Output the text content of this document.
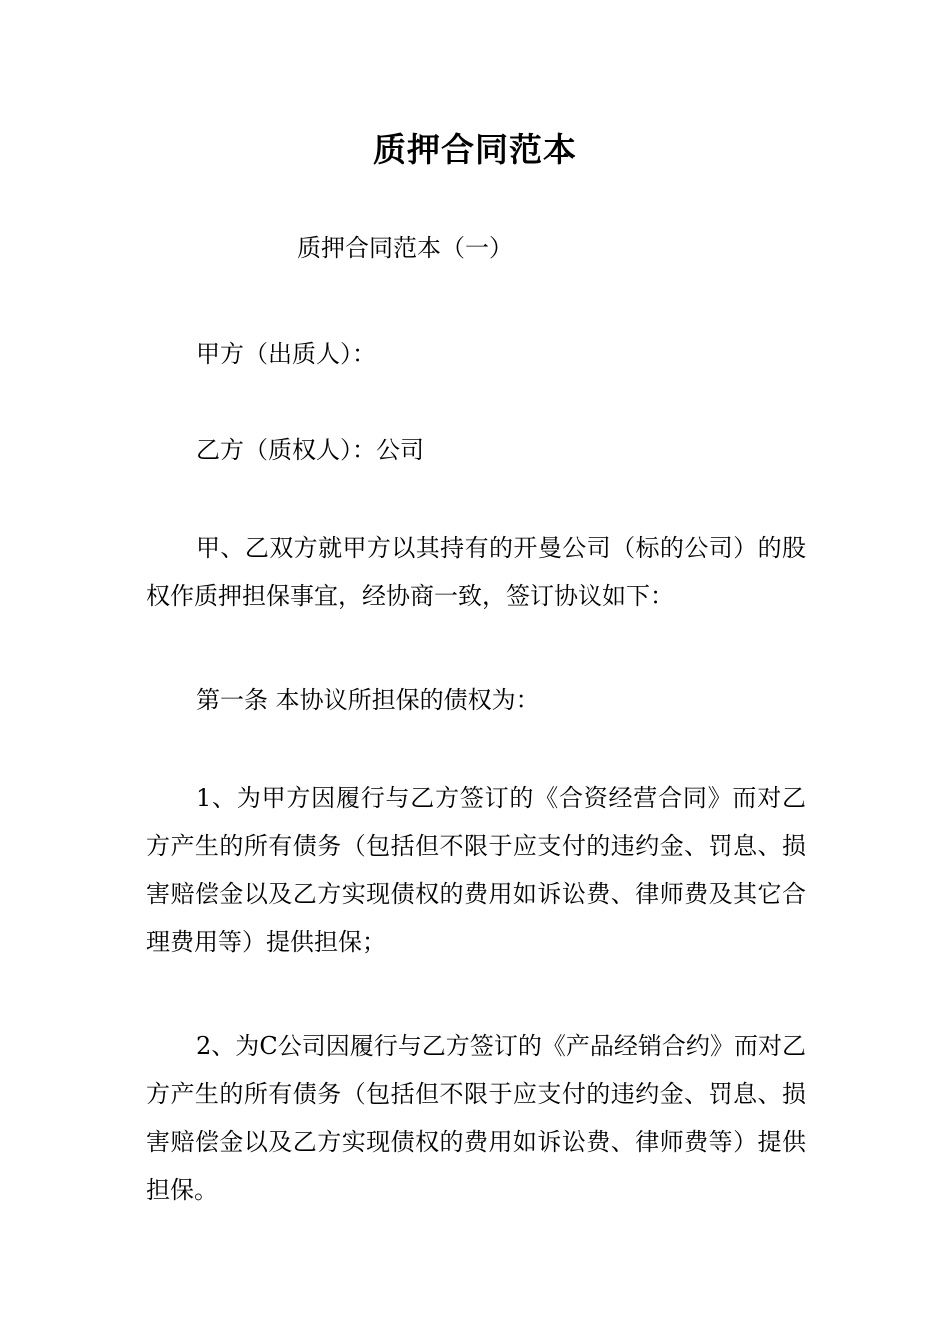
质押合同范本

质押合同范本（一）

甲方（出质人）：

乙方（质权人）：公司

甲、乙双方就甲方以其持有的开曼公司（标的公司）的股权作质押担保事宜，经协商一致，签订协议如下：

第一条 本协议所担保的债权为：

1、为甲方因履行与乙方签订的《合资经营合同》而对乙方产生的所有债务（包括但不限于应支付的违约金、罚息、损害赔偿金以及乙方实现债权的费用如诉讼费、律师费及其它合理费用等）提供担保；

2、为C公司因履行与乙方签订的《产品经销合约》而对乙方产生的所有债务（包括但不限于应支付的违约金、罚息、损害赔偿金以及乙方实现债权的费用如诉讼费、律师费等）提供担保。
